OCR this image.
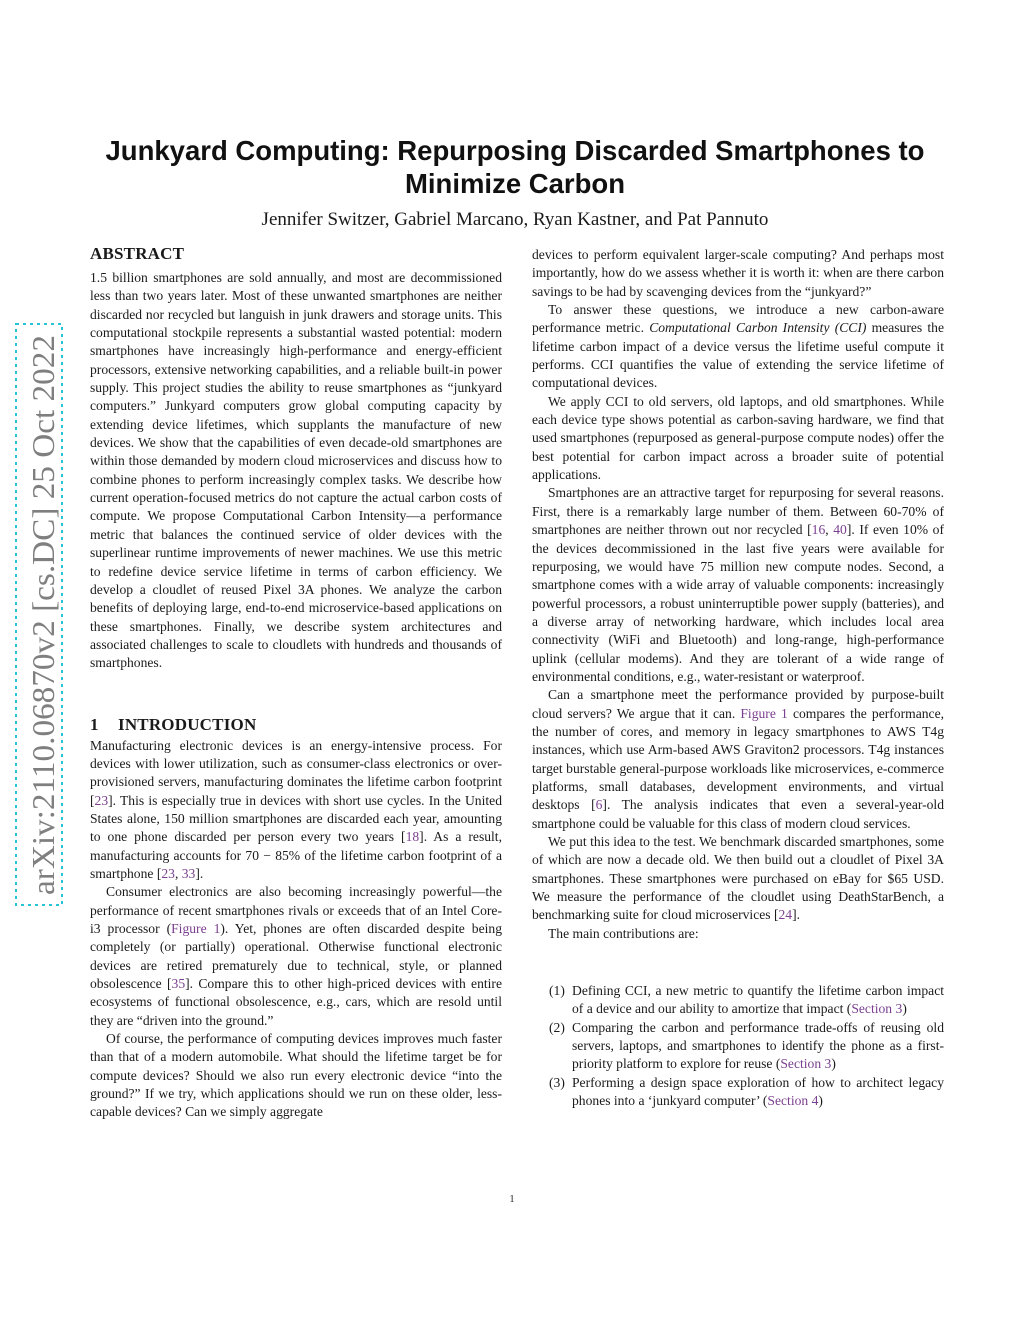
arXiv:2110.06870v2 [cs.DC] 25 Oct 2022
Junkyard Computing: Repurposing Discarded Smartphones to Minimize Carbon

Jennifer Switzer, Gabriel Marcano, Ryan Kastner, and Pat Pannuto

ABSTRACT

1.5 billion smartphones are sold annually, and most are decommissioned less than two years later. Most of these unwanted smartphones are neither discarded nor recycled but languish in junk drawers and storage units. This computational stockpile represents a substantial wasted potential: modern smartphones have increasingly high-performance and energy-efficient processors, extensive networking capabilities, and a reliable built-in power supply. This project studies the ability to reuse smartphones as “junkyard computers.” Junkyard computers grow global computing capacity by extending device lifetimes, which supplants the manufacture of new devices. We show that the capabilities of even decade-old smartphones are within those demanded by modern cloud microservices and discuss how to combine phones to perform increasingly complex tasks. We describe how current operation-focused metrics do not capture the actual carbon costs of compute. We propose Computational Carbon Intensity—a performance metric that balances the continued service of older devices with the superlinear runtime improvements of newer machines. We use this metric to redefine device service lifetime in terms of carbon efficiency. We develop a cloudlet of reused Pixel 3A phones. We analyze the carbon benefits of deploying large, end-to-end microservice-based applications on these smartphones. Finally, we describe system architectures and associated challenges to scale to cloudlets with hundreds and thousands of smartphones.

1 INTRODUCTION

Manufacturing electronic devices is an energy-intensive process. For devices with lower utilization, such as consumer-class electronics or over-provisioned servers, manufacturing dominates the lifetime carbon footprint [23]. This is especially true in devices with short use cycles. In the United States alone, 150 million smartphones are discarded each year, amounting to one phone discarded per person every two years [18]. As a result, manufacturing accounts for 70 − 85% of the lifetime carbon footprint of a smartphone [23, 33].

Consumer electronics are also becoming increasingly powerful—the performance of recent smartphones rivals or exceeds that of an Intel Core-i3 processor (Figure 1). Yet, phones are often discarded despite being completely (or partially) operational. Otherwise functional electronic devices are retired prematurely due to technical, style, or planned obsolescence [35]. Compare this to other high-priced devices with entire ecosystems of functional obsolescence, e.g., cars, which are resold until they are “driven into the ground.”

Of course, the performance of computing devices improves much faster than that of a modern automobile. What should the lifetime target be for compute devices? Should we also run every electronic device “into the ground?” If we try, which applications should we run on these older, less-capable devices? Can we simply aggregate

devices to perform equivalent larger-scale computing? And perhaps most importantly, how do we assess whether it is worth it: when are there carbon savings to be had by scavenging devices from the “junkyard?”

To answer these questions, we introduce a new carbon-aware performance metric. Computational Carbon Intensity (CCI) measures the lifetime carbon impact of a device versus the lifetime useful compute it performs. CCI quantifies the value of extending the service lifetime of computational devices.

We apply CCI to old servers, old laptops, and old smartphones. While each device type shows potential as carbon-saving hardware, we find that used smartphones (repurposed as general-purpose compute nodes) offer the best potential for carbon impact across a broader suite of potential applications.

Smartphones are an attractive target for repurposing for several reasons. First, there is a remarkably large number of them. Between 60-70% of smartphones are neither thrown out nor recycled [16, 40]. If even 10% of the devices decommissioned in the last five years were available for repurposing, we would have 75 million new compute nodes. Second, a smartphone comes with a wide array of valuable components: increasingly powerful processors, a robust uninterruptible power supply (batteries), and a diverse array of networking hardware, which includes local area connectivity (WiFi and Bluetooth) and long-range, high-performance uplink (cellular modems). And they are tolerant of a wide range of environmental conditions, e.g., water-resistant or waterproof.

Can a smartphone meet the performance provided by purpose-built cloud servers? We argue that it can. Figure 1 compares the performance, the number of cores, and memory in legacy smartphones to AWS T4g instances, which use Arm-based AWS Graviton2 processors. T4g instances target burstable general-purpose workloads like microservices, e-commerce platforms, small databases, development environments, and virtual desktops [6]. The analysis indicates that even a several-year-old smartphone could be valuable for this class of modern cloud services.

We put this idea to the test. We benchmark discarded smartphones, some of which are now a decade old. We then build out a cloudlet of Pixel 3A smartphones. These smartphones were purchased on eBay for $65 USD. We measure the performance of the cloudlet using DeathStarBench, a benchmarking suite for cloud microservices [24].

The main contributions are:

(1) Defining CCI, a new metric to quantify the lifetime carbon impact of a device and our ability to amortize that impact (Section 3)
(2) Comparing the carbon and performance trade-offs of reusing old servers, laptops, and smartphones to identify the phone as a first-priority platform to explore for reuse (Section 3)
(3) Performing a design space exploration of how to architect legacy phones into a ‘junkyard computer’ (Section 4)
1
